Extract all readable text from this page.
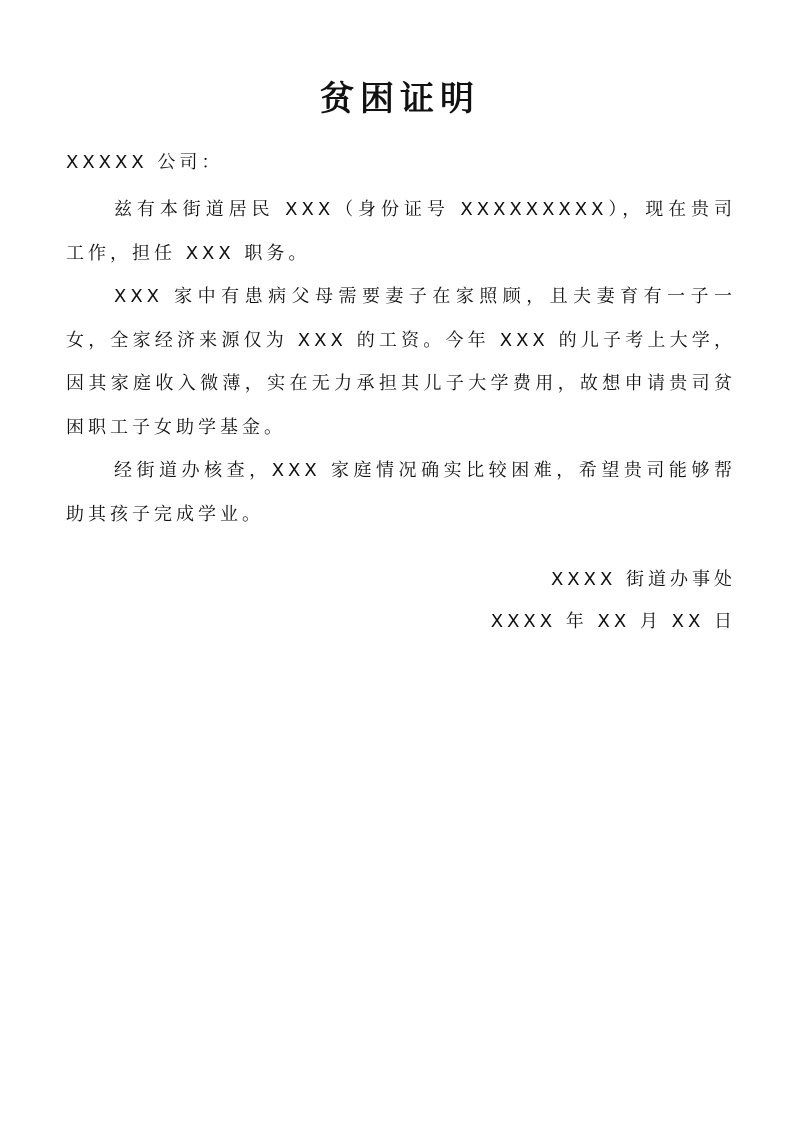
贫困证明

XXXXX 公司：

兹有本街道居民 XXX（身份证号 XXXXXXXXX），现在贵司工作，担任 XXX 职务。

XXX 家中有患病父母需要妻子在家照顾，且夫妻育有一子一女，全家经济来源仅为 XXX 的工资。今年 XXX 的儿子考上大学，因其家庭收入微薄，实在无力承担其儿子大学费用，故想申请贵司贫困职工子女助学基金。

经街道办核查，XXX 家庭情况确实比较困难，希望贵司能够帮助其孩子完成学业。

XXXX 街道办事处

XXXX 年 XX 月 XX 日
